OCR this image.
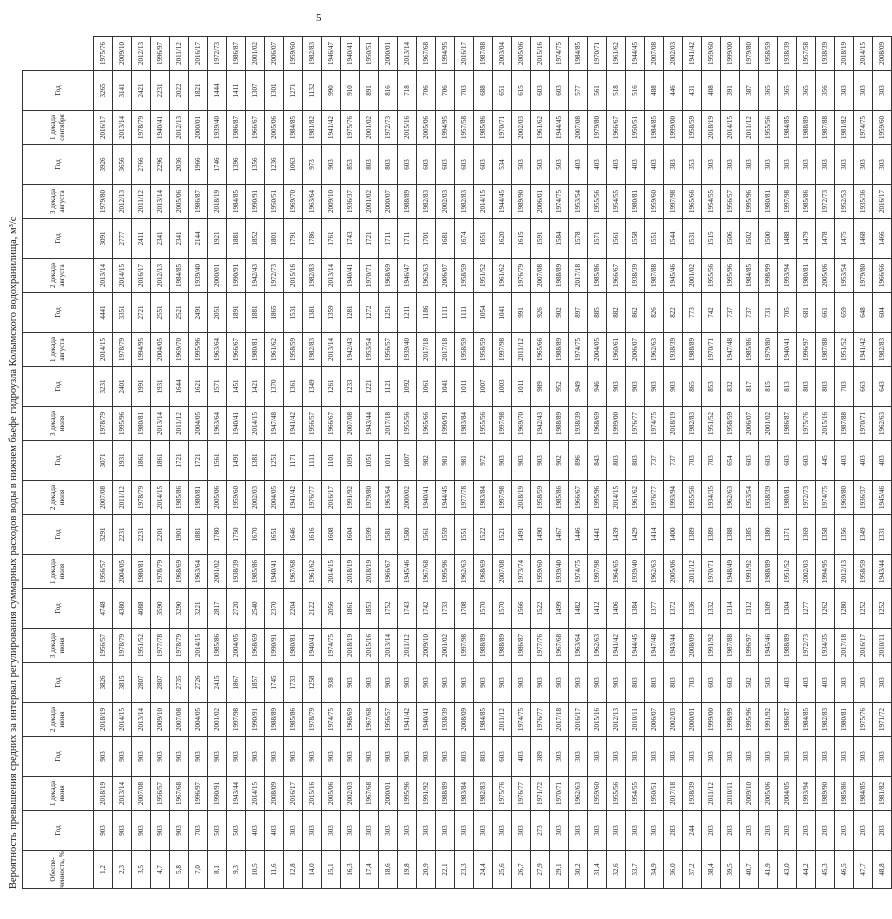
5
Вероятность превышения средних за интервал регулирования суммарных расходов воды в нижнем бьефе гидроузла Колымского водохранилища, м³/с	Обеспе-ченность, %	Год	1 декада июня	Год	2 декада июня	Год	3 декада июня	Год	1 декада июля	Год	2 декада июля	Год	3 декада июля	Год	1 декада августа	Год	2 декада августа	Год	3 декада августа	Год	1 декада сентября	Год	
1,2	903	2018/19	903	2018/19	3826	1956/57	4748	1956/57	3291	2007/08	3071	1978/79	3231	2014/15	4441	2013/14	3091	1979/80	3926	2016/17	3265	1975/76
2,3	903	2013/14	903	2014/15	3815	1978/79	4380	2004/05	2231	2011/12	1931	1995/96	2401	1978/79	3351	2014/15	2777	2012/13	3656	2013/14	3141	2009/10
3,5	903	2007/08	903	2013/14	2807	1951/52	4088	1980/81	2231	1978/79	1861	1980/81	1991	1994/95	2721	2016/17	2411	2011/12	2766	1978/79	2421	2012/13
4,7	903	1956/57	903	2009/10	2807	1977/78	3590	1978/79	2201	2014/15	1861	2013/14	1931	2004/05	2551	2012/13	2341	2013/14	2296	1940/41	2231	1996/97
5,8	903	1967/68	903	2007/08	2735	1978/79	3290	1968/69	1901	1985/86	1721	2011/12	1644	1969/70	2521	1984/85	2341	2005/06	2036	2012/13	2022	2011/12
7,0	703	1996/97	903	2004/05	2726	2014/15	3221	1963/64	1881	1980/81	1721	2004/05	1621	1995/96	2491	1939/40	2144	1986/87	1966	2000/01	1821	2016/17
8,1	503	1990/91	903	2001/02	2415	1985/86	2817	2001/02	1780	2005/06	1561	1963/64	1571	1963/64	2051	2000/01	1921	2018/19	1746	1939/40	1444	1972/73
9,3	503	1943/44	903	1997/98	1867	2004/05	2720	1938/39	1750	1959/60	1491	1940/41	1451	1966/67	1891	1990/91	1881	1984/85	1396	1986/87	1411	1986/87
10,5	403	2014/15	903	1990/91	1857	1968/69	2540	1985/86	1670	2002/03	1381	2014/15	1421	1980/81	1881	1942/43	1852	1990/91	1356	1966/67	1307	2001/02
11,6	403	2008/09	903	1988/89	1745	1990/91	2370	1940/41	1651	2004/05	1251	1947/48	1370	1961/62	1865	1972/73	1801	1950/51	1236	2005/06	1301	2006/07
12,8	303	2016/17	903	1985/86	1733	1980/81	2204	1967/68	1646	1941/42	1171	1941/42	1361	1958/59	1531	2015/16	1791	1969/70	1063	1984/85	1271	1959/60
14,0	303	2015/16	903	1978/79	1258	1940/41	2122	1961/62	1616	1976/77	1111	1956/57	1349	1982/83	1381	1982/83	1786	1963/64	973	1981/82	1132	1982/83
15,1	303	2005/06	903	1974/75	938	1974/75	2056	2014/15	1608	2016/17	1101	1966/67	1261	2013/14	1359	2013/14	1761	2009/10	903	1941/42	990	1946/47
16,3	303	2002/03	903	1968/69	903	2018/19	1861	2018/19	1604	1991/92	1091	2007/08	1233	1942/43	1281	1940/41	1743	1936/37	853	1975/76	910	1940/41
17,4	303	1967/68	903	1967/68	903	2015/16	1853	2018/19	1599	1979/80	1051	1943/44	1221	1953/54	1272	1970/71	1721	2001/02	803	2001/02	891	1950/51
18,6	303	2000/01	903	1956/57	903	2013/14	1752	1966/67	1581	1963/64	1011	2017/18	1121	1956/57	1251	1968/69	1711	2000/07	803	1972/73	816	2000/01
19,8	303	1995/96	903	1941/42	903	2011/12	1743	1945/46	1580	2000/02	1007	1955/56	1092	1939/40	1211	1946/47	1711	1988/89	603	2015/16	718	2013/14
20,9	303	1991/92	903	1940/41	903	2009/10	1742	1967/68	1561	1940/41	982	1965/66	1061	2017/18	1186	1962/63	1701	1982/83	603	2005/06	706	1967/68
22,1	303	1988/89	903	1938/39	903	2001/02	1733	1995/96	1559	1944/45	981	1990/91	1041	2017/18	1111	2006/07	1681	2002/03	603	1994/95	706	1994/95
23,3	303	1983/84	803	2008/09	903	1997/98	1708	1962/63	1551	1977/78	981	1983/84	1011	1958/59	1111	1958/59	1674	1982/83	603	1957/58	703	2016/17
24,4	303	1982/83	803	1984/85	903	1988/89	1570	1968/69	1522	1983/84	972	1955/56	1007	1958/59	1054	1951/52	1651	2014/15	603	1985/86	688	1987/88
25,6	303	1975/76	603	2011/12	903	1988/89	1570	2007/08	1521	1997/98	903	1997/98	1003	1997/98	1041	1961/62	1620	1944/45	534	1970/71	651	2003/04
26,7	303	1976/77	403	1974/75	903	1986/87	1566	1973/74	1491	2018/19	903	1969/70	1011	2011/12	991	1976/79	1615	1989/90	503	2002/03	615	2005/06
27,9	273	1971/72	389	1976/77	903	1977/76	1522	1959/60	1490	1958/59	903	1942/43	989	1965/66	926	2007/08	1591	2006/01	503	1961/62	603	2015/16
29,1	303	1970/71	303	2017/18	903	1967/68	1499	1939/40	1467	1985/86	902	1988/89	952	1988/89	902	1988/89	1584	1974/75	503	1944/45	603	1974/75
30,2	303	1962/63	303	2016/17	903	1963/64	1482	1974/75	1446	1966/67	896	1938/39	949	1974/75	897	2017/18	1578	1953/54	403	2007/08	577	1984/85
31,4	303	1959/60	303	2015/16	903	1962/63	1412	1997/98	1441	1995/96	843	1968/69	946	2004/05	885	1985/86	1571	1955/56	403	1979/80	561	1970/71
32,6	303	1955/56	303	2012/13	903	1941/42	1406	1964/65	1439	2014/15	803	1999/00	903	1960/61	882	1966/67	1561	1954/55	403	1966/67	518	1961/62
33,7	303	1954/55	303	2010/11	803	1944/45	1384	1939/40	1429	1961/62	803	1976/77	903	2006/07	862	1938/39	1558	1980/81	403	1950/51	516	1944/45
34,9	303	1950/51	303	2006/07	803	1947/48	1377	1962/63	1414	1976/77	737	1974/75	903	1962/63	826	1987/88	1551	1959/60	403	1984/85	488	2007/08
36,0	283	2017/18	303	2002/03	803	1943/44	1372	2005/06	1400	1993/94	737	2018/19	903	1938/39	822	1945/46	1544	1997/98	383	1999/00	446	2002/03
37,2	244	1938/39	303	2000/01	703	2008/09	1336	2011/12	1389	1955/56	703	1982/83	865	1988/89	773	2001/02	1531	1965/66	353	1958/59	431	1941/42
38,4	203	2011/12	303	1999/00	603	1991/92	1332	1970/71	1389	1934/35	703	1951/52	853	1970/71	742	1955/56	1515	1954/55	303	2018/19	408	1959/60
39,5	203	2010/11	303	1998/99	603	1987/88	1314	1948/49	1388	1962/63	654	1958/59	832	1947/48	737	1995/96	1506	1956/57	303	2014/15	391	1999/00
40,7	203	2009/10	303	1995/96	502	1996/97	1312	1991/92	1385	1953/54	603	2006/07	817	1985/86	737	1984/85	1502	1995/96	303	2011/12	387	1979/80
41,9	203	2005/06	303	1991/92	503	1945/46	1309	1988/89	1380	1938/39	603	2001/02	815	1979/80	731	1998/99	1500	1980/81	303	1955/56	365	1958/59
43,0	203	2004/05	303	1986/87	403	1988/89	1304	1951/52	1371	1980/81	603	1986/87	813	1940/41	705	1993/94	1488	1997/98	303	1984/85	365	1938/39
44,2	203	1993/94	303	1984/85	403	1972/73	1277	2002/03	1369	1972/73	603	1975/76	803	1996/97	681	1980/81	1479	1985/86	303	1988/89	365	1957/58
45,3	203	1989/90	303	1982/83	403	1934/35	1262	1994/95	1358	1974/75	445	2015/16	803	1987/88	661	2005/06	1478	1972/73	303	1987/88	356	1938/39
46,5	203	1985/86	303	1980/81	303	2017/18	1280	2012/13	1356	1969/80	403	1987/88	703	1951/52	659	1953/54	1475	1952/53	303	1981/82	303	2018/19
47,7	203	1984/85	303	1975/76	303	2016/17	1252	1958/59	1349	1936/37	403	1970/71	663	1941/42	648	1979/80	1468	1935/36	303	1974/75	303	2014/15
48,8	203	1981/82	303	1971/72	303	2010/11	1252	1943/44	1331	1945/46	403	1962/63	643	1982/83	604	1966/66	1466	2016/17	303	1959/60	303	2008/09
